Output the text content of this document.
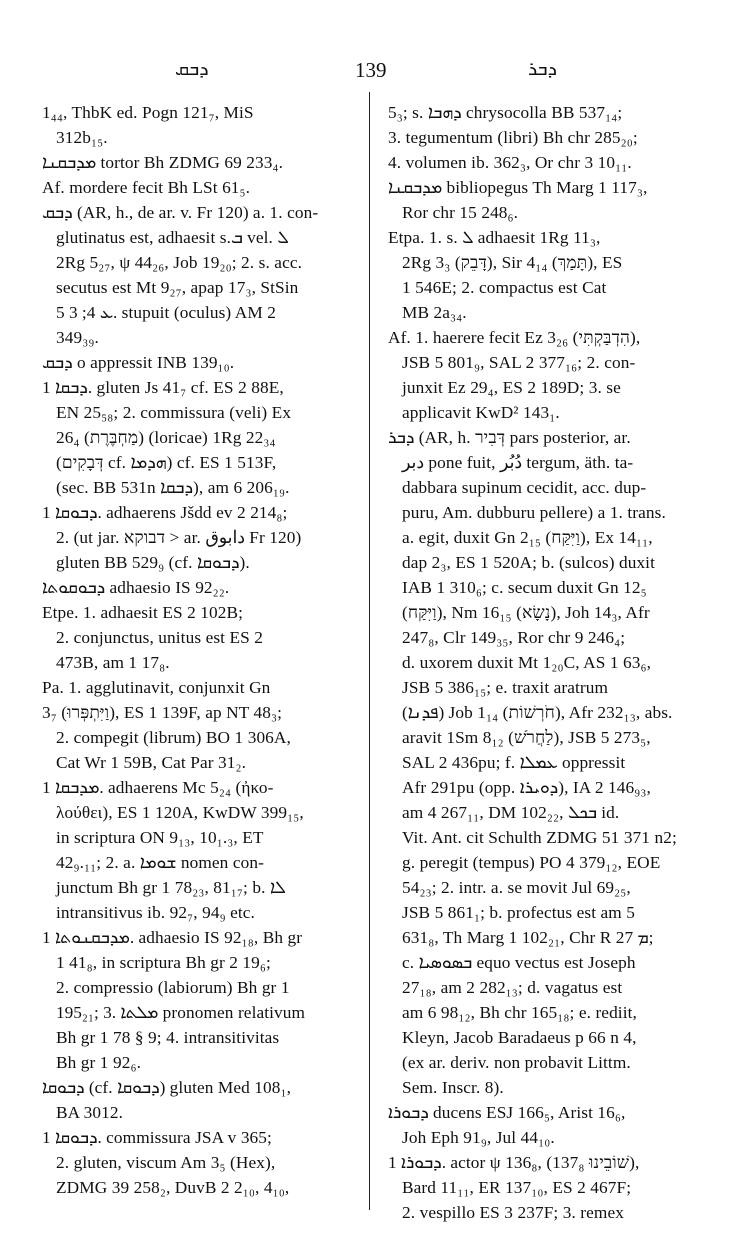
ܕܒܩ	139	ܕܒܪ
1₄₄, ThbK ed. Pogn 121₇, MiS
312b₁₅.
ܡܕܒܩܢܐ tortor Bh ZDMG 69 233₄.
Af. mordere fecit Bh LSt 61₅.
ܕܒܩ (AR, h., de ar. v. Fr 120) a. 1. con-
glutinatus est, adhaesit s.ܒ vel. ܠ
2Rg 5₂₇, ψ 44₂₆, Job 19₂₀; 2. s. acc.
secutus est Mt 9₂₇, apap 17₃, StSin
5 ܥ 4; 3. stupuit (oculus) AM 2
349₃₉.
ܕܒܩ o appressit INB 139₁₀.
ܕܒܩܐ 1. gluten Js 41₇ cf. ES 2 88E,
EN 25₅₈; 2. commissura (veli) Ex
26₄ (מַחְבֶּרֶת) (loricae) 1Rg 22₃₄
(דְּבָקִים cf. ܗܕܡܐ) cf. ES 1 513F,
(sec. BB 531n ܕܒܩܐ), am 6 206₁₉.
ܕܒܘܩܐ 1. adhaerens Jšdd ev 2 214₈;
2. (ut jar. דבוקא > ar. دابوق Fr 120)
gluten BB 529₉ (cf. ܕܒܘܩܐ).
ܕܒܘܩܘܬܐ adhaesio IS 92₂₂.
Etpe. 1. adhaesit ES 2 102B;
2. conjunctus, unitus est ES 2
473B, am 1 17₈.
Pa. 1. agglutinavit, conjunxit Gn
3₇ (וַיִּתְפְּרוּ), ES 1 139F, ap NT 48₃;
2. compegit (librum) BO 1 306A,
Cat Wr 1 59B, Cat Par 31₂.
ܡܕܒܩܐ 1. adhaerens Mc 5₂₄ (ἠκο-
λούθει), ES 1 120A, KwDW 399₁₅,
in scriptura ON 9₁₃, 10₁.₃, ET
42₉.₁₁; 2. a. ܫܘܡܐ nomen con-
junctum Bh gr 1 78₂₃, 81₁₇; b. ܠܐ
intransitivus ib. 92₇, 94₉ etc.
ܡܕܒܩܢܘܬܐ 1. adhaesio IS 92₁₈, Bh gr
1 41₈, in scriptura Bh gr 2 19₆;
2. compressio (labiorum) Bh gr 1
195₂₁; 3. ܡܠܬܐ pronomen relativum
Bh gr 1 78 § 9; 4. intransitivitas
Bh gr 1 92₆.
ܕܒܘܩܐ (cf. ܕܒܘܩܐ) gluten Med 108₁,
BA 3012.
ܕܒܘܩܐ 1. commissura JSA v 365;
2. gluten, viscum Am 3₅ (Hex),
ZDMG 39 258₂, DuvB 2 2₁₀, 4₁₀,
5₃; s. ܕܗܒܐ chrysocolla BB 537₁₄;
3. tegumentum (libri) Bh chr 285₂₀;
4. volumen ib. 362₃, Or chr 3 10₁₁.
ܡܕܒܩܢܐ bibliopegus Th Marg 1 117₃,
Ror chr 15 248₆.
Etpa. 1. s. ܠ adhaesit 1Rg 11₃,
2Rg 3₃ (דָּבֵק), Sir 4₁₄ (תָּמַךְ), ES
1 546E; 2. compactus est Cat
MB 2a₃₄.
Af. 1. haerere fecit Ez 3₂₆ (הִדְבַּקְתִּי),
JSB 5 801₉, SAL 2 377₁₆; 2. con-
junxit Ez 29₄, ES 2 189D; 3. se
applicavit KwD² 143₁.
ܕܒܪ (AR, h. דְּבִיר pars posterior, ar.
دبر pone fuit, دُبُر tergum, äth. ta-
dabbara supinum cecidit, acc. dup-
puru, Am. dubburu pellere) a 1. trans.
a. egit, duxit Gn 2₁₅ (וַיִּקַּח), Ex 14₁₁,
dap 2₃, ES 1 520A; b. (sulcos) duxit
IAB 1 310₆; c. secum duxit Gn 12₅
(וַיִּקַּח), Nm 16₁₅ (נָשָׂא), Joh 14₃, Afr
247₈, Clr 149₃₅, Ror chr 9 246₄;
d. uxorem duxit Mt 1₂₀C, AS 1 63₆,
JSB 5 386₁₅; e. traxit aratrum
(ܦܕܢܐ) Job 1₁₄ (חֹרְשׁוֹת), Afr 232₁₃, abs.
aravit 1Sm 8₁₂ (לַחֲרֹשׁ), JSB 5 273₅,
SAL 2 436pu; f. ܥܡܠܐ oppressit
Afr 291pu (opp. ܕܘܝܪܐ), IA 2 146₉₃,
am 4 267₁₁, DM 102₂₂, ܒܟܠ id.
Vit. Ant. cit Schulth ZDMG 51 371 n2;
g. peregit (tempus) PO 4 379₁₂, EOE
54₂₃; 2. intr. a. se movit Jul 69₂₅,
JSB 5 861₁; b. profectus est am 5
631₈, Th Marg 1 102₂₁, Chr R ܡ 27;
c. ܒܣܘܣܝܐ equo vectus est Joseph
27₁₈, am 2 282₁₃; d. vagatus est
am 6 98₁₂, Bh chr 165₁₈; e. rediit,
Kleyn, Jacob Baradaeus p 66 n 4,
(ex ar. deriv. non probavit Littm.
Sem. Inscr. 8).
ܕܒܘܪܐ ducens ESJ 166₅, Arist 16₆,
Joh Eph 91₉, Jul 44₁₀.
ܕܒܘܪܐ 1. actor ψ 136₈, (137₈ שׁוֹבֵינוּ),
Bard 11₁₁, ER 137₁₀, ES 2 467F;
2. vespillo ES 3 237F; 3. remex
